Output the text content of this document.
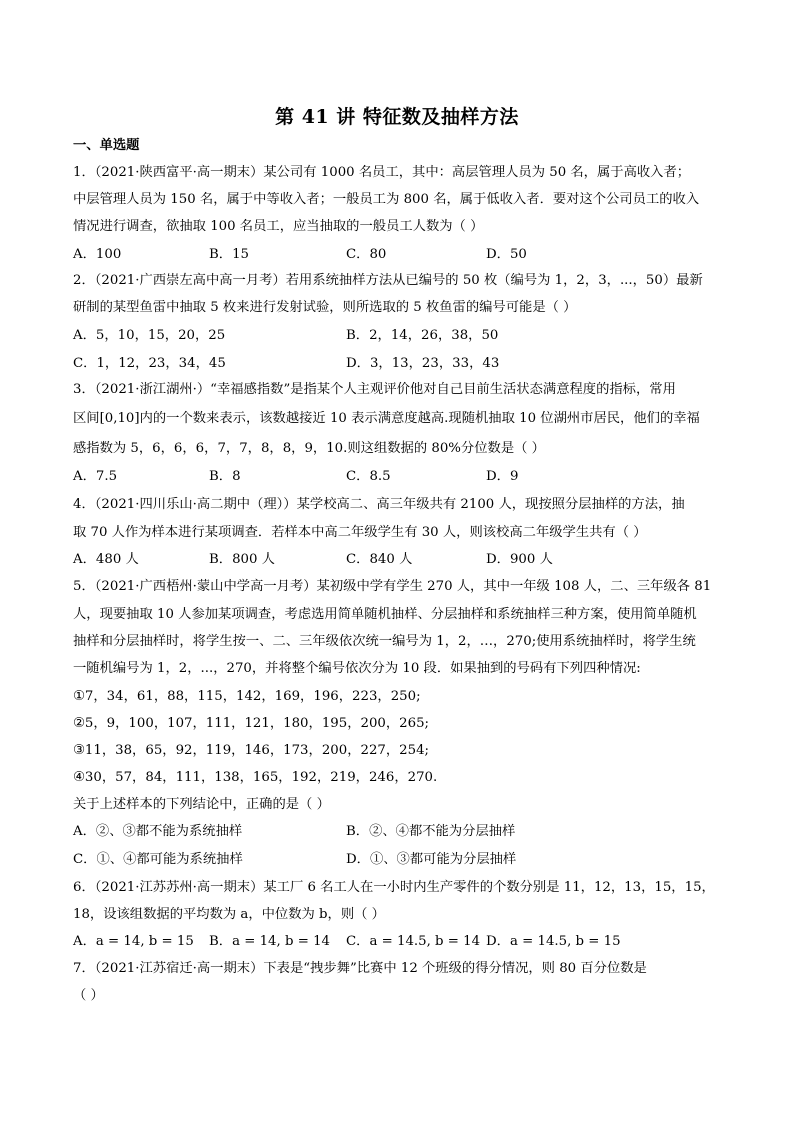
第 41 讲 特征数及抽样方法
一、单选题
1．（2021·陕西富平·高一期末）某公司有 1000 名员工，其中：高层管理人员为 50 名，属于高收入者；
中层管理人员为 150 名，属于中等收入者；一般员工为 800 名，属于低收入者．要对这个公司员工的收入
情况进行调查，欲抽取 100 名员工，应当抽取的一般员工人数为（ ）
A．100	B．15	C．80	D．50
2．（2021·广西崇左高中高一月考）若用系统抽样方法从已编号的 50 枚（编号为 1，2，3，...，50）最新
研制的某型鱼雷中抽取 5 枚来进行发射试验，则所选取的 5 枚鱼雷的编号可能是（ ）
A．5，10，15，20，25	B．2，14，26，38，50
C．1，12，23，34，45	D．3，13，23，33，43
3．（2021·浙江湖州·）“幸福感指数”是指某个人主观评价他对自己目前生活状态满意程度的指标，常用
区间[0,10]内的一个数来表示，该数越接近 10 表示满意度越高.现随机抽取 10 位湖州市居民，他们的幸福
感指数为 5，6，6，6，7，7，8，8，9，10.则这组数据的 80%分位数是（ ）
A．7.5	B．8	C．8.5	D．9
4．（2021·四川乐山·高二期中（理））某学校高二、高三年级共有 2100 人，现按照分层抽样的方法，抽
取 70 人作为样本进行某项调查．若样本中高二年级学生有 30 人，则该校高二年级学生共有（ ）
A．480 人	B．800 人	C．840 人	D．900 人
5．（2021·广西梧州·蒙山中学高一月考）某初级中学有学生 270 人，其中一年级 108 人，二、三年级各 81
人，现要抽取 10 人参加某项调查，考虑选用简单随机抽样、分层抽样和系统抽样三种方案，使用简单随机
抽样和分层抽样时，将学生按一、二、三年级依次统一编号为 1，2，…，270;使用系统抽样时，将学生统
一随机编号为 1，2，...，270，并将整个编号依次分为 10 段．如果抽到的号码有下列四种情况:
①7，34，61，88，115，142，169，196，223，250;
②5，9，100，107，111，121，180，195，200，265;
③11，38，65，92，119，146，173，200，227，254;
④30，57，84，111，138，165，192，219，246，270.
关于上述样本的下列结论中，正确的是（ ）
A．②、③都不能为系统抽样	B．②、④都不能为分层抽样
C．①、④都可能为系统抽样	D．①、③都可能为分层抽样
6．（2021·江苏苏州·高一期末）某工厂 6 名工人在一小时内生产零件的个数分别是 11，12，13，15，15，
18，设该组数据的平均数为 a，中位数为 b，则（ ）
A．a = 14, b = 15 B．a = 14, b = 14 C．a = 14.5, b = 14 D．a = 14.5, b = 15
7．（2021·江苏宿迁·高一期末）下表是“拽步舞”比赛中 12 个班级的得分情况，则 80 百分位数是
（ ）
